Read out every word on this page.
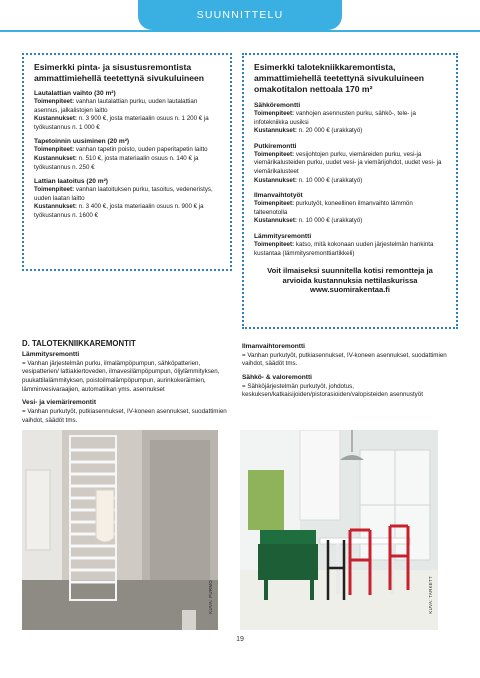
SUUNNITTELU
Esimerkki pinta- ja sisustusremontista ammattimiehellä teetettynä sivukuluineen
Lautalattian vaihto (30 m²)
Toimenpiteet: vanhan lautalattian purku, uuden lautalattian asennus, jalkalistojen laitto
Kustannukset: n. 3 900 €, josta materiaalin osuus n. 1 200 € ja työkustannus n. 1 000 €
Tapetoinnin uusiminen (20 m²)
Toimenpiteet: vanhan tapetin poisto, uuden paperitapetin laitto
Kustannukset: n. 510 €, josta materiaalin osuus n. 140 € ja työkustannus n. 250 €
Lattian laatoitus (20 m²)
Toimenpiteet: vanhan laatoituksen purku, tasoitus, vedeneristys, uuden laatan laitto
Kustannukset: n. 3 400 €, josta materiaalin osuus n. 900 € ja työkustannus n. 1600 €
Esimerkki talotekniikkaremontista, ammattimiehellä teetettynä sivukuluineen omakotitalon nettoala 170 m²
Sähköremontti
Toimenpiteet: vanhojen asennusten purku, sähkö-, tele- ja infotekniikka uusiksi
Kustannukset: n. 20 000 € (urakkatyö)
Putkiremontti
Toimenpiteet: vesijohtojen purku, viemäreiden purku, vesi-ja viemärikalusteiden purku, uudet vesi- ja viemärijohdot, uudet vesi- ja viemärikalusteet
Kustannukset: n. 10 000 € (urakkatyö)
Ilmanvaihtotyöt
Toimenpiteet: purkutyöt, koneellinen ilmanvaihto lämmön talteenotolla
Kustannukset: n. 10 000 € (urakkatyö)
Lämmitysremontti
Toimenpiteet: katso, mitä kokonaan uuden järjestelmän hankinta kustantaa (lämmitysremonttiartikkeli)
Voit ilmaiseksi suunnitella kotisi remontteja ja arvioida kustannuksia nettilaskurissa www.suomirakentaa.fi
D. TALOTEKNIIKKAREMONTIT
Lämmitysremontti
= Vanhan järjestelmän purku, ilmalämpöpumpun, sähköpatterien, vesipatterien/ lattiakiertoveden, ilmavesilämpöpumpun, öljylämmityksen, puukattilalämmityksen, poistoilmalämpöpumpun, aurinkokeräimien, lämminvesivaraajien, automatiikan yms. asennukset
Vesi- ja viemäriremontit
= Vanhan purkutyöt, putkiasennukset, IV-koneen asennukset, suodattimien vaihdot, säädöt tms.
Ilmanvaihtoremontti
= Vanhan purkutyöt, putkiasennukset, IV-koneen asennukset, suodattimien vaihdot, säädöt tms.
Sähkö- & valoremontti
= Sähköjärjestelmän purkutyöt, johdotus, keskuksen/katkaisijoiden/pistorasioiden/valopisteiden asennustyöt
KUVA: PURMO	KUVA: TARKETT
19
